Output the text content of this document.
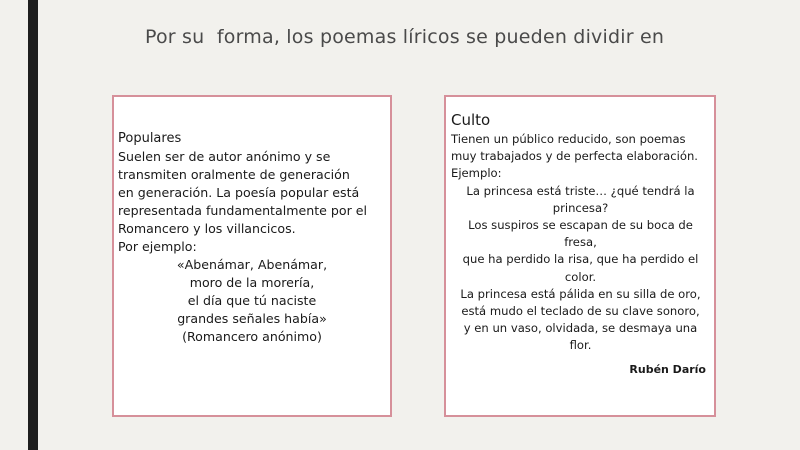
Por su  forma, los poemas líricos se pueden dividir en
Populares
Suelen ser de autor anónimo y se
transmiten oralmente de generación
en generación. La poesía popular está
representada fundamentalmente por el
Romancero y los villancicos.
Por ejemplo:
«Abenámar, Abenámar,
moro de la morería,
el día que tú naciste
grandes señales había»
(Romancero anónimo)
Culto
Tienen un público reducido, son poemas
muy trabajados y de perfecta elaboración.
Ejemplo:
La princesa está triste… ¿qué tendrá la
princesa?
Los suspiros se escapan de su boca de
fresa,
que ha perdido la risa, que ha perdido el
color.
La princesa está pálida en su silla de oro,
está mudo el teclado de su clave sonoro,
y en un vaso, olvidada, se desmaya una
flor.
Rubén Darío
